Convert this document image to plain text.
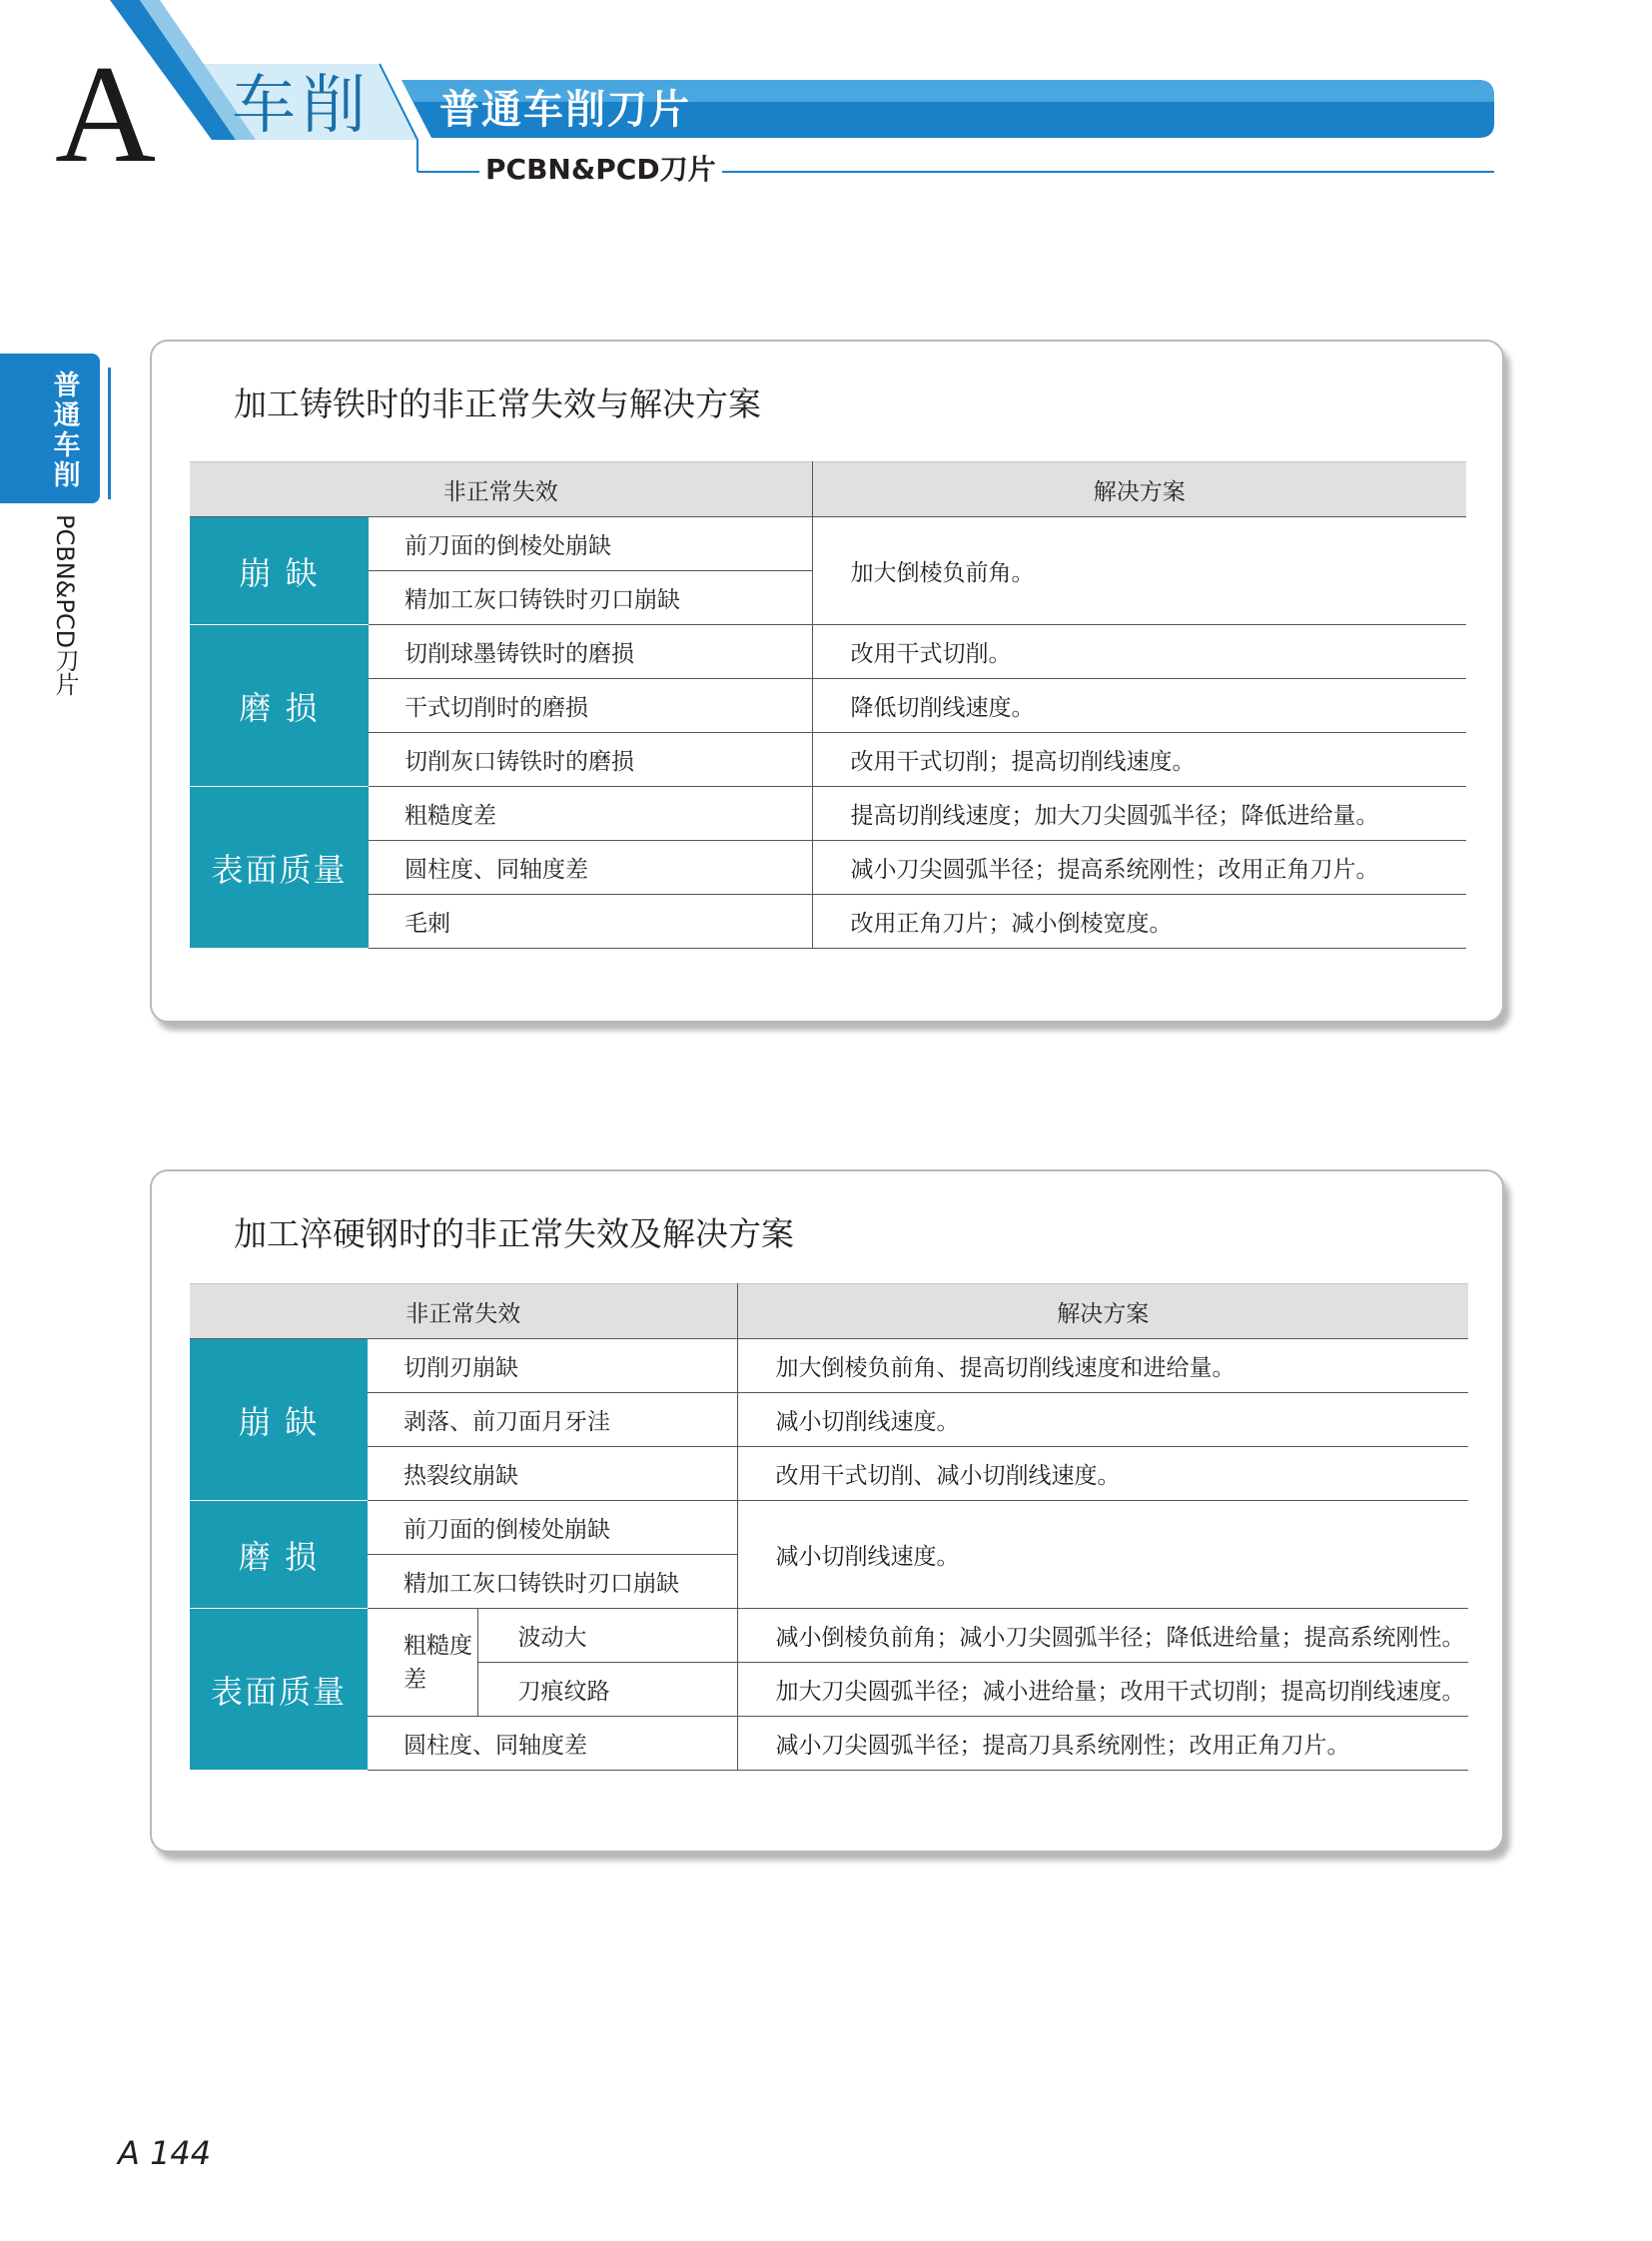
A 车削 普通车削刀片
PCBN&PCD刀片
普通车削
PCBN&PCD刀片
加工铸铁时的非正常失效与解决方案
非正常失效		解决方案
崩 缺	前刀面的倒棱处崩缺	加大倒棱负前角。
	精加工灰口铸铁时刃口崩缺	
磨 损	切削球墨铸铁时的磨损	改用干式切削。
	干式切削时的磨损	降低切削线速度。
	切削灰口铸铁时的磨损	改用干式切削；提高切削线速度。
表面质量	粗糙度差	提高切削线速度；加大刀尖圆弧半径；降低进给量。
	圆柱度、同轴度差	减小刀尖圆弧半径；提高系统刚性；改用正角刀片。
	毛刺	改用正角刀片；减小倒棱宽度。
加工淬硬钢时的非正常失效及解决方案
非正常失效			解决方案
崩 缺	切削刃崩缺		加大倒棱负前角、提高切削线速度和进给量。
	剥落、前刀面月牙洼		减小切削线速度。
	热裂纹崩缺		改用干式切削、减小切削线速度。
磨 损	前刀面的倒棱处崩缺		减小切削线速度。
	精加工灰口铸铁时刃口崩缺		
表面质量	粗糙度差	波动大	减小倒棱负前角；减小刀尖圆弧半径；降低进给量；提高系统刚性。
		刀痕纹路	加大刀尖圆弧半径；减小进给量；改用干式切削；提高切削线速度。
	圆柱度、同轴度差		减小刀尖圆弧半径；提高刀具系统刚性；改用正角刀片。
A 144
